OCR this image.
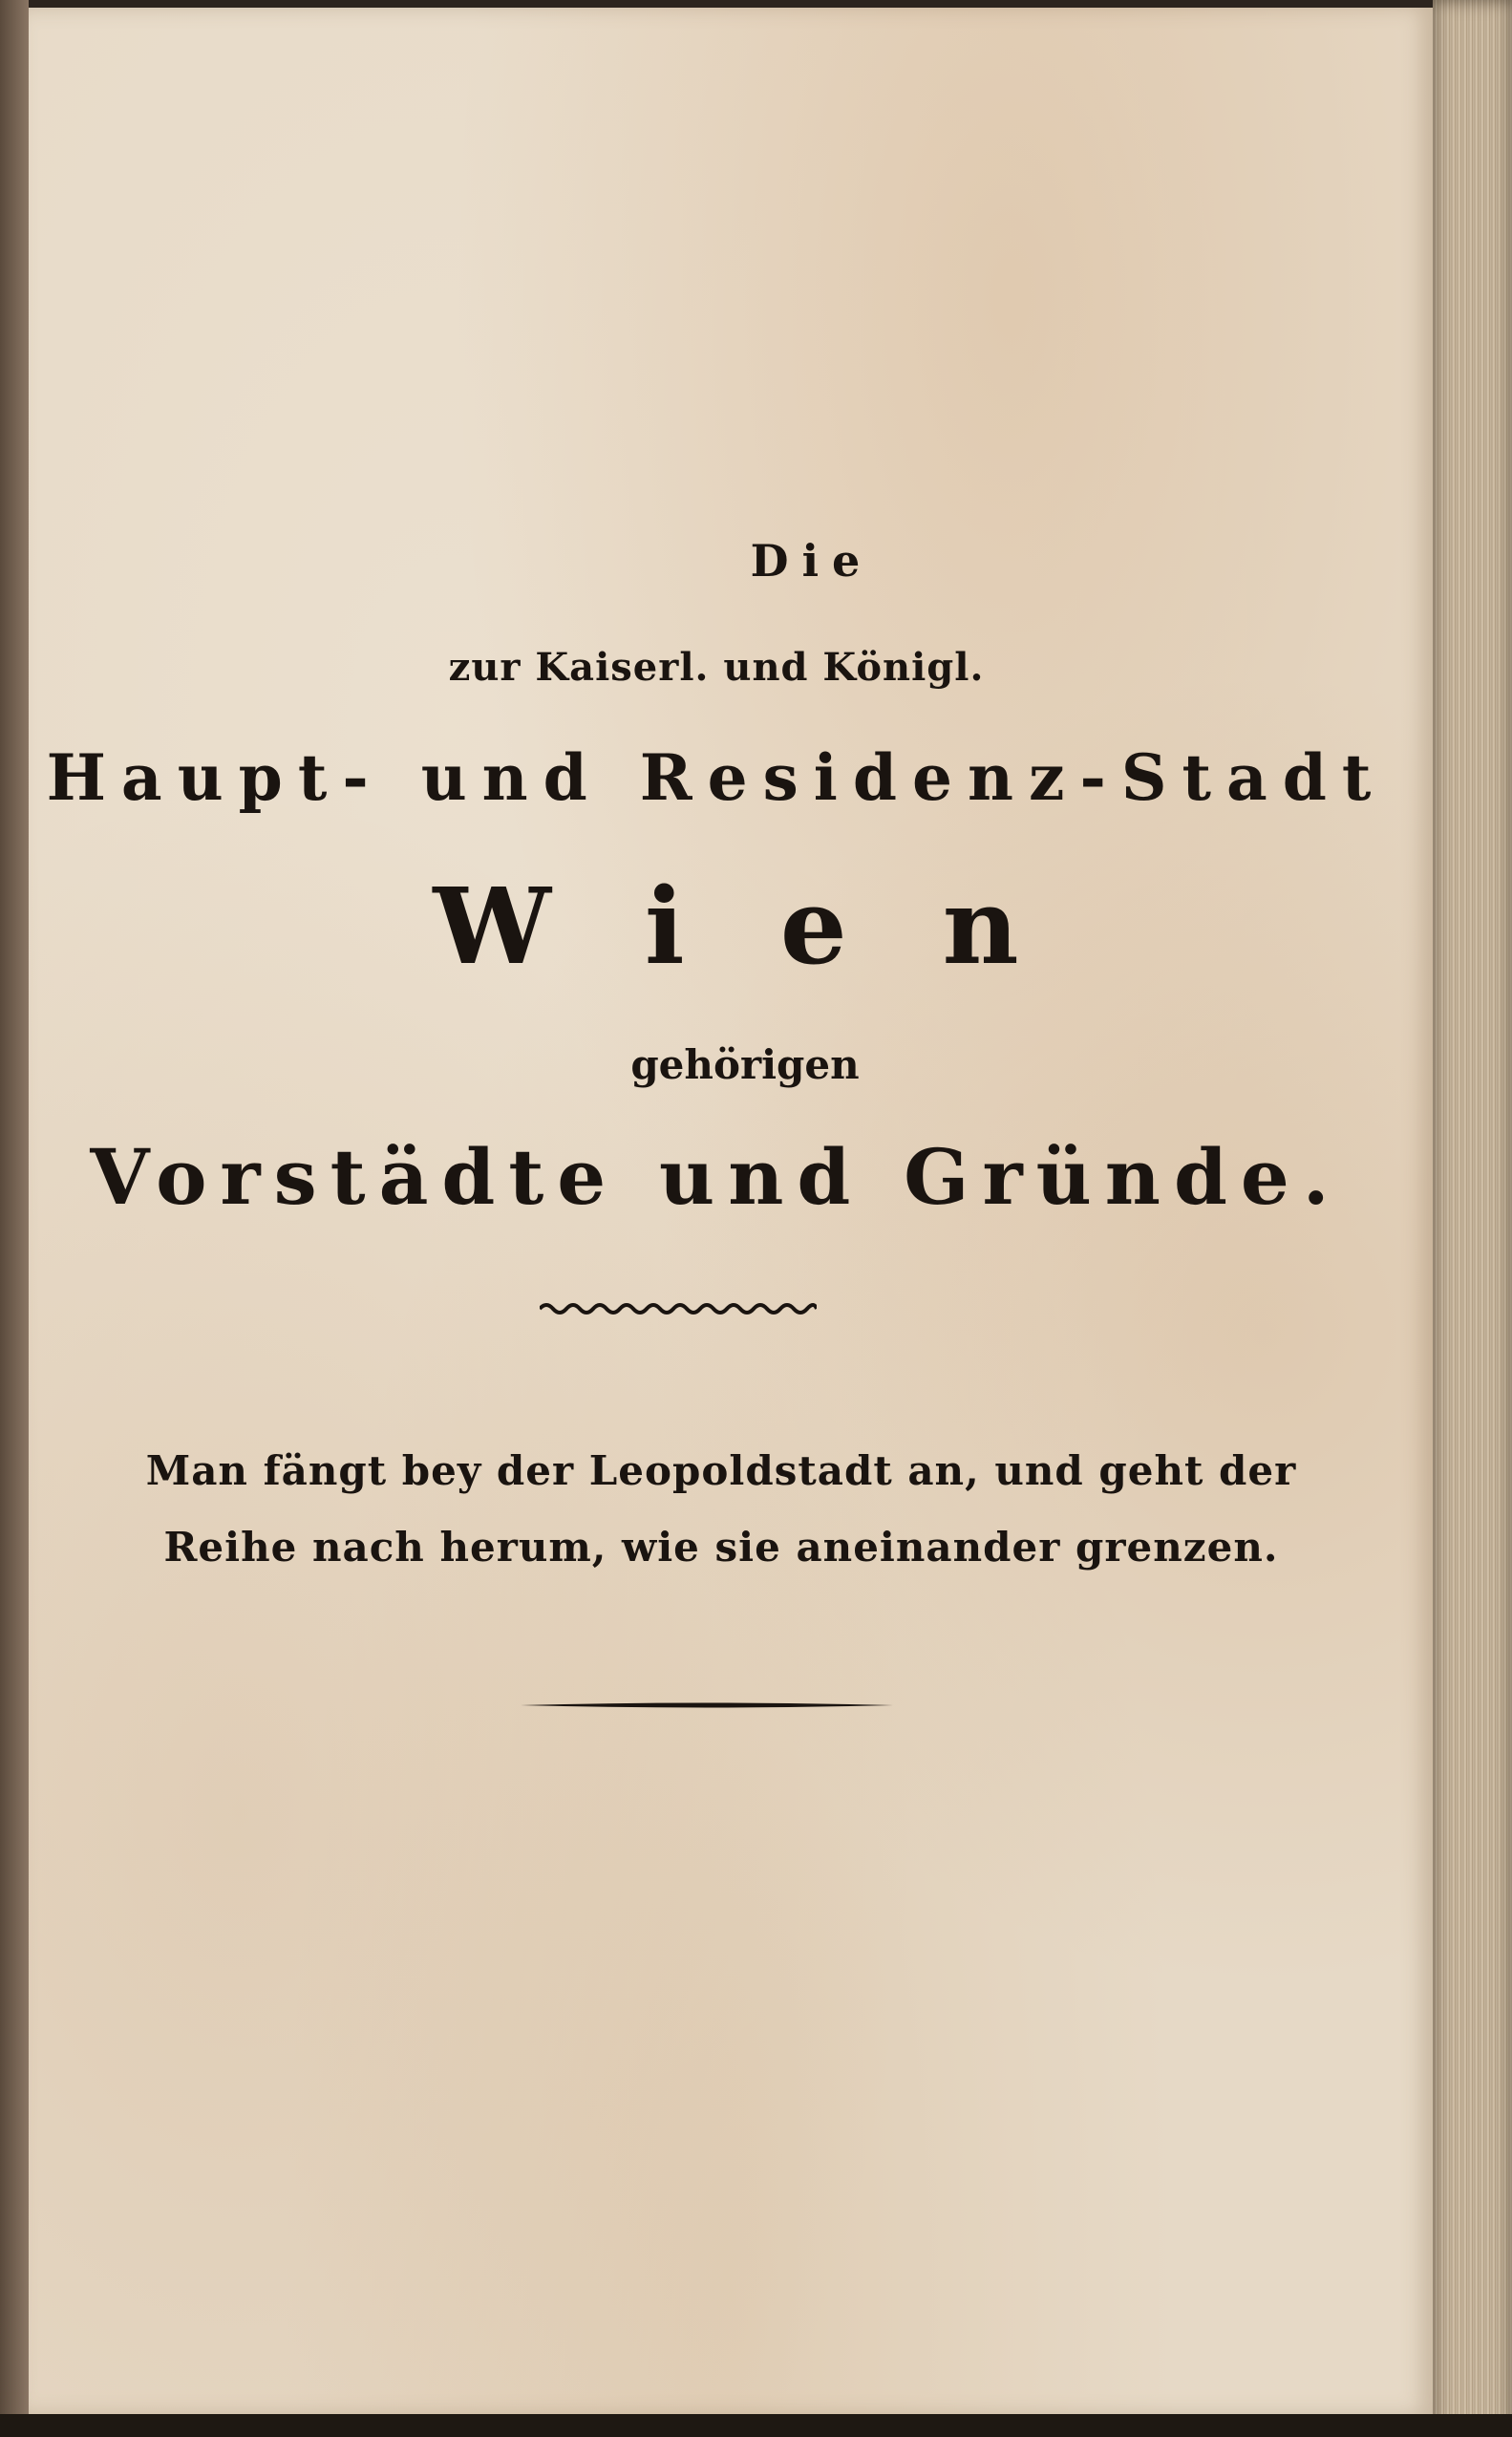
Die
zur Kaiserl. und Königl.
Haupt- und Residenz-Stadt
Wien
gehörigen
Vorstädte und Gründe.
Man fängt bey der Leopoldstadt an, und geht der
Reihe nach herum, wie sie aneinander grenzen.
